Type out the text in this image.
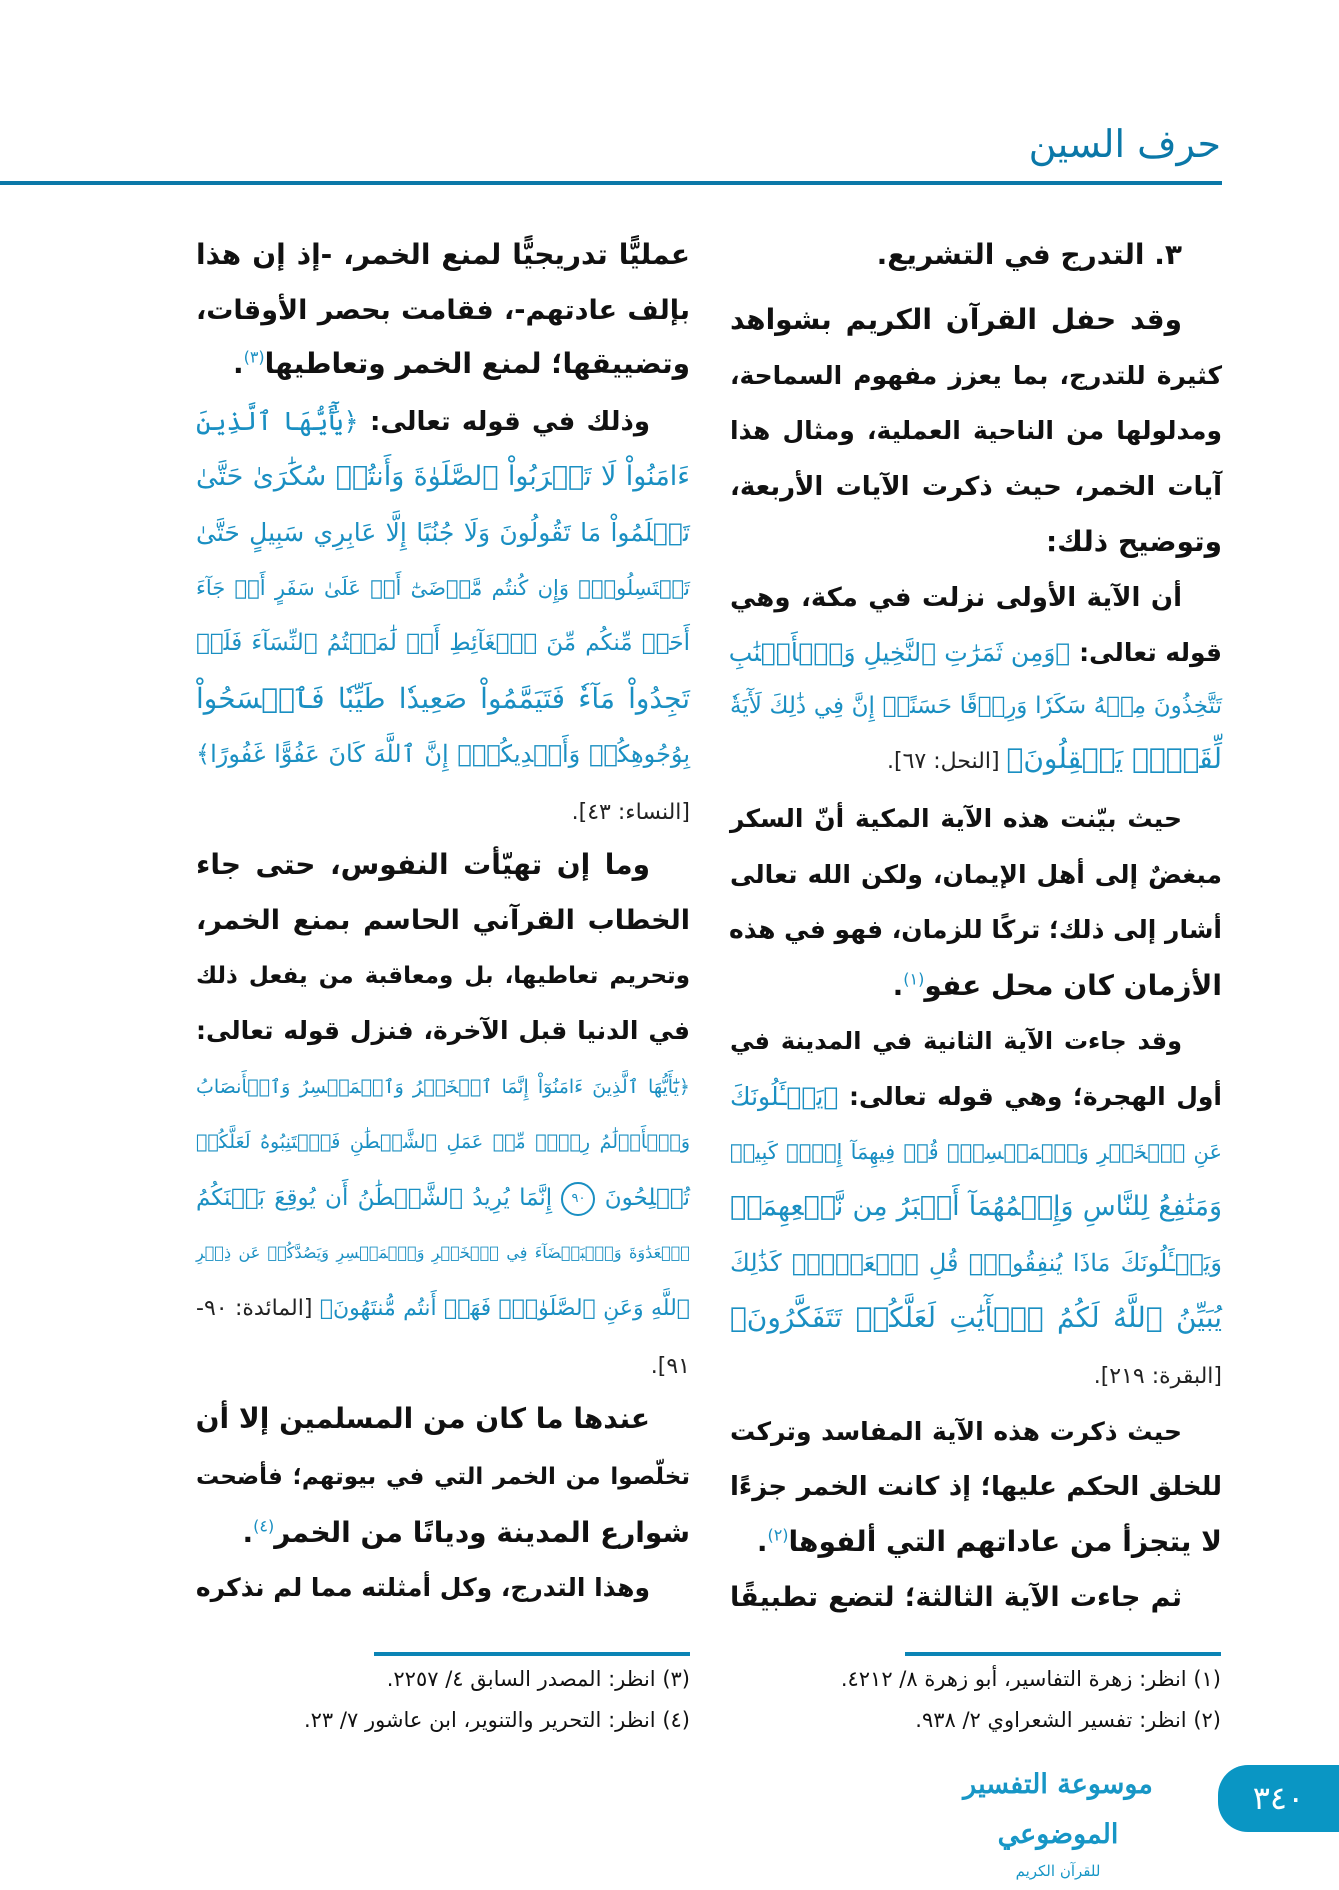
حرف السين
٣. التدرج في التشريع.
وقد حفل القرآن الكريم بشواهد
كثيرة للتدرج، بما يعزز مفهوم السماحة،
ومدلولها من الناحية العملية، ومثال هذا
آيات الخمر، حيث ذكرت الآيات الأربعة،
وتوضيح ذلك:
أن الآية الأولى نزلت في مكة، وهي
قوله تعالى: ﴿وَمِن ثَمَرَٰتِ ٱلنَّخِيلِ وَٱلۡأَعۡنَٰبِ
تَتَّخِذُونَ مِنۡهُ سَكَرٗا وَرِزۡقًا حَسَنًاۚ إِنَّ فِي ذَٰلِكَ لَأٓيَةٗ
لِّقَوۡمٖ يَعۡقِلُونَ﴾ [النحل: ٦٧].
حيث بيّنت هذه الآية المكية أنّ السكر
مبغضٌ إلى أهل الإيمان، ولكن الله تعالى
أشار إلى ذلك؛ تركًا للزمان، فهو في هذه
الأزمان كان محل عفو$^{(١)}$.
وقد جاءت الآية الثانية في المدينة في
أول الهجرة؛ وهي قوله تعالى: ﴿يَسۡـَٔلُونَكَ
عَنِ ٱلۡخَمۡرِ وَٱلۡمَيۡسِرِۖ قُلۡ فِيهِمَآ إِثۡمٞ كَبِيرٞ
وَمَنَٰفِعُ لِلنَّاسِ وَإِثۡمُهُمَآ أَكۡبَرُ مِن نَّفۡعِهِمَاۗ
وَيَسۡـَٔلُونَكَ مَاذَا يُنفِقُونَۖ قُلِ ٱلۡعَفۡوَۗ كَذَٰلِكَ
يُبَيِّنُ ٱللَّهُ لَكُمُ ٱلۡأٓيَٰتِ لَعَلَّكُمۡ تَتَفَكَّرُونَ﴾
[البقرة: ٢١٩].
حيث ذكرت هذه الآية المفاسد وتركت
للخلق الحكم عليها؛ إذ كانت الخمر جزءًا
لا يتجزأ من عاداتهم التي ألفوها$^{(٢)}$.
ثم جاءت الآية الثالثة؛ لتضع تطبيقًا
عمليًّا تدريجيًّا لمنع الخمر، -إذ إن هذا
بإلف عادتهم-، فقامت بحصر الأوقات،
وتضييقها؛ لمنع الخمر وتعاطيها$^{(٣)}$.
وذلك في قوله تعالى: ﴿يَٰٓأَيُّهَا ٱلَّذِينَ
ءَامَنُواْ لَا تَقۡرَبُواْ ٱلصَّلَوٰةَ وَأَنتُمۡ سُكَٰرَىٰ حَتَّىٰ
تَعۡلَمُواْ مَا تَقُولُونَ وَلَا جُنُبًا إِلَّا عَابِرِي سَبِيلٍ حَتَّىٰ
تَغۡتَسِلُواْۚ وَإِن كُنتُم مَّرۡضَىٰٓ أَوۡ عَلَىٰ سَفَرٍ أَوۡ جَآءَ
أَحَدٞ مِّنكُم مِّنَ ٱلۡغَآئِطِ أَوۡ لَٰمَسۡتُمُ ٱلنِّسَآءَ فَلَمۡ
تَجِدُواْ مَآءٗ فَتَيَمَّمُواْ صَعِيدٗا طَيِّبٗا فَٱمۡسَحُواْ
بِوُجُوهِكُمۡ وَأَيۡدِيكُمۡۗ إِنَّ ٱللَّهَ كَانَ عَفُوًّا غَفُورًا﴾
[النساء: ٤٣].
وما إن تهيّأت النفوس، حتى جاء
الخطاب القرآني الحاسم بمنع الخمر،
وتحريم تعاطيها، بل ومعاقبة من يفعل ذلك
في الدنيا قبل الآخرة، فنزل قوله تعالى:
﴿يَٰٓأَيُّهَا ٱلَّذِينَ ءَامَنُوٓاْ إِنَّمَا ٱلۡخَمۡرُ وَٱلۡمَيۡسِرُ وَٱلۡأَنصَابُ
وَٱلۡأَزۡلَٰمُ رِجۡسٞ مِّنۡ عَمَلِ ٱلشَّيۡطَٰنِ فَٱجۡتَنِبُوهُ لَعَلَّكُمۡ
تُفۡلِحُونَ ٩٠ إِنَّمَا يُرِيدُ ٱلشَّيۡطَٰنُ أَن يُوقِعَ بَيۡنَكُمُ
ٱلۡعَدَٰوَةَ وَٱلۡبَغۡضَآءَ فِي ٱلۡخَمۡرِ وَٱلۡمَيۡسِرِ وَيَصُدَّكُمۡ عَن ذِكۡرِ
ٱللَّهِ وَعَنِ ٱلصَّلَوٰةِۖ فَهَلۡ أَنتُم مُّنتَهُونَ﴾ [المائدة: ٩٠-
٩١].
عندها ما كان من المسلمين إلا أن
تخلّصوا من الخمر التي في بيوتهم؛ فأضحت
شوارع المدينة وديانًا من الخمر$^{(٤)}$.
وهذا التدرج، وكل أمثلته مما لم نذكره
(١) انظر: زهرة التفاسير، أبو زهرة ٨/ ٤٢١٢.
(٢) انظر: تفسير الشعراوي ٢/ ٩٣٨.
(٣) انظر: المصدر السابق ٤/ ٢٢٥٧.
(٤) انظر: التحرير والتنوير، ابن عاشور ٧/ ٢٣.
موسوعة التفسير الموضوعي
للقرآن الكريم
٣٤٠
